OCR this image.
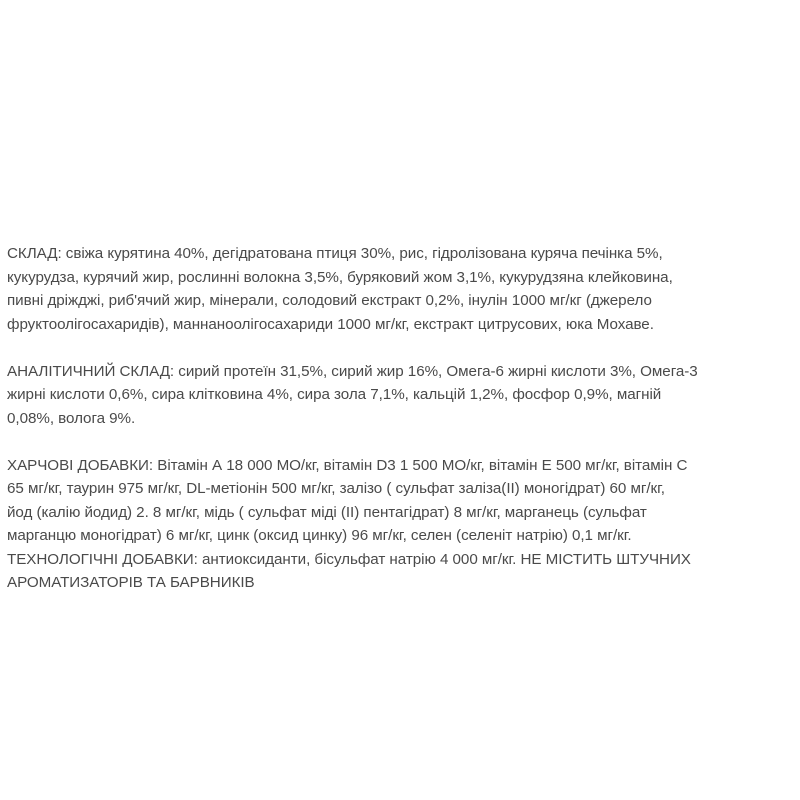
СКЛАД: свіжа курятина 40%, дегідратована птиця 30%, рис, гідролізована куряча печінка 5%,
кукурудза, курячий жир, рослинні волокна 3,5%, буряковий жом 3,1%, кукурудзяна клейковина,
пивні дріжджі, риб'ячий жир, мінерали, солодовий екстракт 0,2%, інулін 1000 мг/кг (джерело
фруктоолігосахаридів), маннаноолігосахариди 1000 мг/кг, екстракт цитрусових, юка Мохаве.

АНАЛІТИЧНИЙ СКЛАД: сирий протеїн 31,5%, сирий жир 16%, Омега-6 жирні кислоти 3%, Омега-3
жирні кислоти 0,6%, сира клітковина 4%, сира зола 7,1%, кальцій 1,2%, фосфор 0,9%, магній
0,08%, волога 9%.

ХАРЧОВІ ДОБАВКИ: Вітамін А 18 000 МО/кг, вітамін D3 1 500 МО/кг, вітамін Е 500 мг/кг, вітамін С
65 мг/кг, таурин 975 мг/кг, DL-метіонін 500 мг/кг, залізо ( сульфат заліза(II) моногідрат) 60 мг/кг,
йод (калію йодид) 2. 8 мг/кг, мідь ( сульфат міді (II) пентагідрат) 8 мг/кг, марганець (сульфат
марганцю моногідрат) 6 мг/кг, цинк (оксид цинку) 96 мг/кг, селен (селеніт натрію) 0,1 мг/кг.
ТЕХНОЛОГІЧНІ ДОБАВКИ: антиоксиданти, бісульфат натрію 4 000 мг/кг. НЕ МІСТИТЬ ШТУЧНИХ
АРОМАТИЗАТОРІВ ТА БАРВНИКІВ
